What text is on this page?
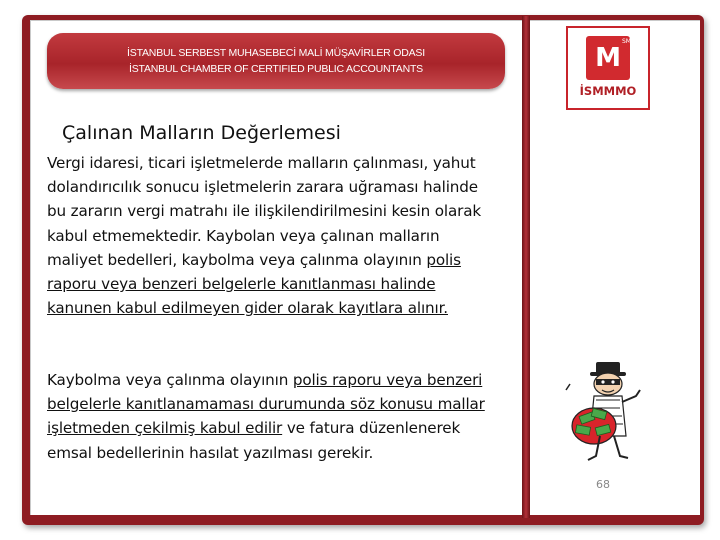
İSTANBUL SERBEST MUHASEBECİ MALİ MÜŞAVİRLER ODASI
İSTANBUL CHAMBER OF CERTIFIED PUBLIC ACCOUNTANTS	M
SM
İSMMMO
Çalınan Malların Değerlemesi
Vergi idaresi, ticari işletmelerde malların çalınması, yahut dolandırıcılık sonucu işletmelerin zarara uğraması halinde bu zararın vergi matrahı ile ilişkilendirilmesini kesin olarak kabul etmemektedir. Kaybolan veya çalınan malların maliyet bedelleri, kaybolma veya çalınma olayının polis raporu veya benzeri belgelerle kanıtlanması halinde kanunen kabul edilmeyen gider olarak kayıtlara alınır.
Kaybolma veya çalınma olayının polis raporu veya benzeri belgelerle kanıtlanamaması durumunda söz konusu mallar işletmeden çekilmiş kabul edilir ve fatura düzenlenerek emsal bedellerinin hasılat yazılması gerekir.
68
